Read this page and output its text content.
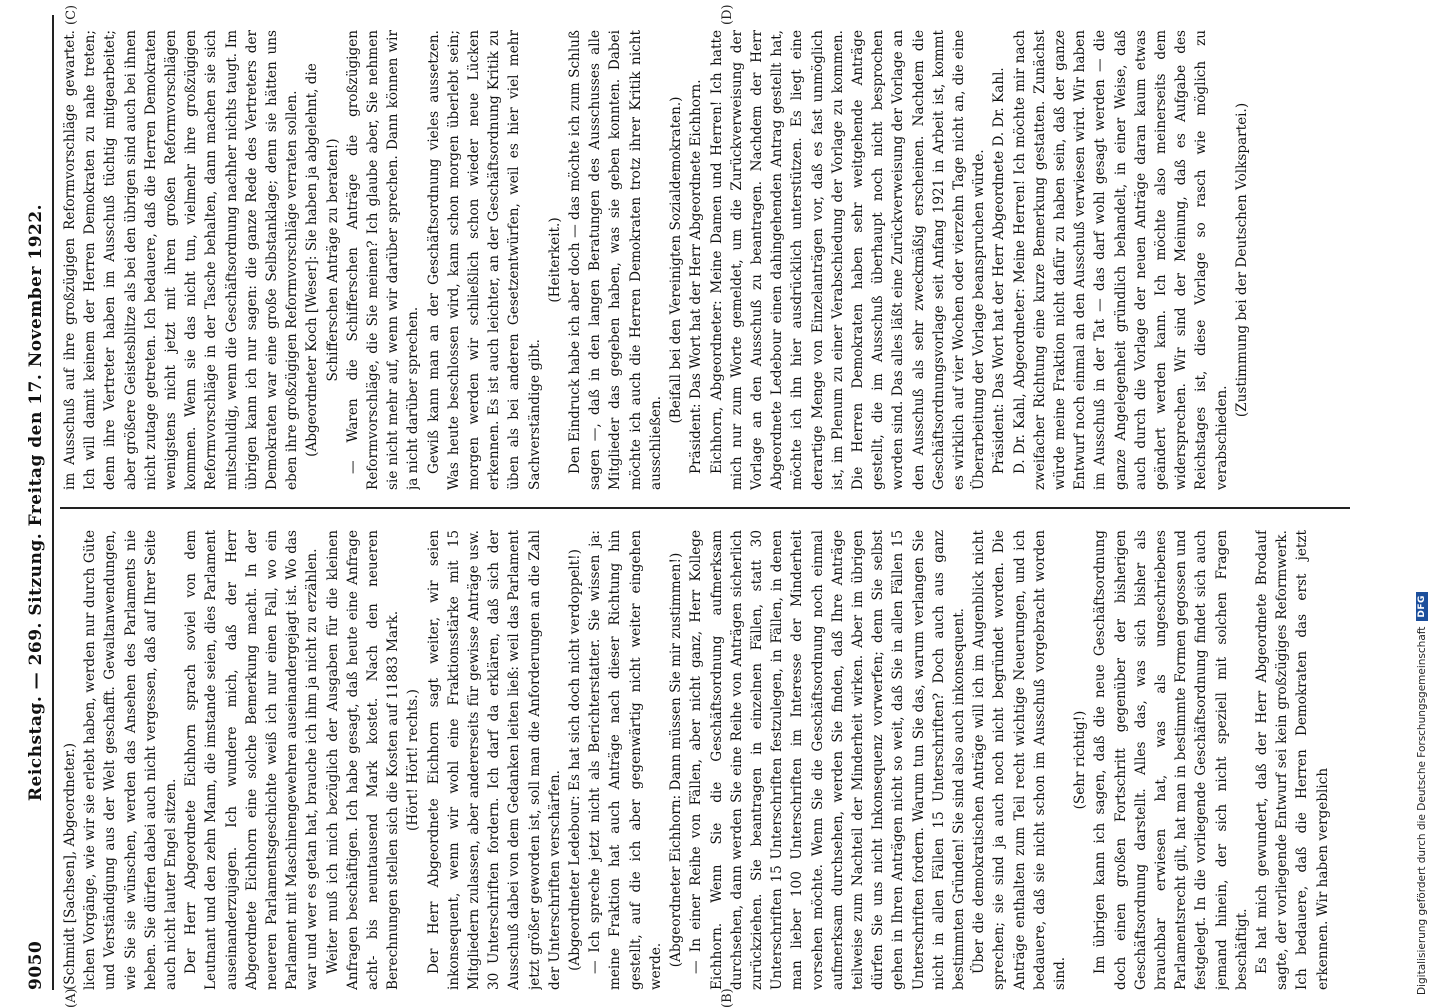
9050
Reichstag. — 269. Sitzung. Freitag den 17. November 1922.

(Schmidt [Sachsen], Abgeordneter.) lichen Vorgänge, wie wir sie erlebt haben, werden nur durch Güte und Verständigung aus der Welt geschafft. Gewaltanwendungen, wie Sie sie wünschen, werden das Ansehen des Parlaments nie heben. Sie dürfen dabei auch nicht vergessen, daß auf Ihrer Seite auch nicht lauter Engel sitzen. Der Herr Abgeordnete Eichhorn sprach soviel von dem Leutnant und den zehn Mann, die imstande seien, dies Parlament auseinanderzujagen. Ich wundere mich, daß der Herr Abgeordnete Eichhorn eine solche Bemerkung macht. In der neueren Parlamentsgeschichte weiß ich nur einen Fall, wo ein Parlament mit Maschinengewehren auseinandergejagt ist. Wo das war und wer es getan hat, brauche ich ihm ja nicht zu erzählen. Weiter muß ich mich bezüglich der Ausgaben für die kleinen Anfragen beschäftigen. Ich habe gesagt, daß heute eine Anfrage acht- bis neuntausend Mark kostet. Nach den neueren Berechnungen stellen sich die Kosten auf 11883 Mark. (Hört! Hört! rechts.) Der Herr Abgeordnete Eichhorn sagt weiter, wir seien inkonsequent, wenn wir wohl eine Fraktionsstärke mit 15 Mitgliedern zulassen, aber andererseits für gewisse Anträge usw. 30 Unterschriften fordern. Ich darf da erklären, daß sich der Ausschuß dabei von dem Gedanken leiten ließ: weil das Parlament jetzt größer geworden ist, soll man die Anforderungen an die Zahl der Unterschriften verschärfen. (Abgeordneter Ledebour: Es hat sich doch nicht verdoppelt!) — Ich spreche jetzt nicht als Berichterstatter. Sie wissen ja: meine Fraktion hat auch Anträge nach dieser Richtung hin gestellt, auf die ich aber gegenwärtig nicht weiter eingehen werde. (Abgeordneter Eichhorn: Dann müssen Sie mir zustimmen!) — In einer Reihe von Fällen, aber nicht ganz, Herr Kollege Eichhorn. Wenn Sie die Geschäftsordnung aufmerksam durchsehen, dann werden Sie eine Reihe von Anträgen sicherlich zurückziehen. Sie beantragen in einzelnen Fällen, statt 30 Unterschriften 15 Unterschriften festzulegen, in Fällen, in denen man lieber 100 Unterschriften im Interesse der Minderheit vorsehen möchte. Wenn Sie die Geschäftsordnung noch einmal aufmerksam durchsehen, werden Sie finden, daß Ihre Anträge teilweise zum Nachteil der Minderheit wirken. Aber im übrigen dürfen Sie uns nicht Inkonsequenz vorwerfen; denn Sie selbst gehen in Ihren Anträgen nicht so weit, daß Sie in allen Fällen 15 Unterschriften fordern. Warum tun Sie das, warum verlangen Sie nicht in allen Fällen 15 Unterschriften? Doch auch aus ganz bestimmten Gründen! Sie sind also auch inkonsequent. Über die demokratischen Anträge will ich im Augenblick nicht sprechen; sie sind ja auch noch nicht begründet worden. Die Anträge enthalten zum Teil recht wichtige Neuerungen, und ich bedauere, daß sie nicht schon im Ausschuß vorgebracht worden sind.

(Sehr richtig!) Im übrigen kann ich sagen, daß die neue Geschäftsordnung doch einen großen Fortschritt gegenüber der bisherigen Geschäftsordnung darstellt. Alles das, was sich bisher als brauchbar erwiesen hat, was als ungeschriebenes Parlamentsrecht gilt, hat man in bestimmte Formen gegossen und festgelegt. In die vorliegende Geschäftsordnung findet sich auch jemand hinein, der sich nicht speziell mit solchen Fragen beschäftigt. Es hat mich gewundert, daß der Herr Abgeordnete Brodauf sagte, der vorliegende Entwurf sei kein großzügiges Reformwerk. Ich bedauere, daß die Herren Demokraten das erst jetzt erkennen. Wir haben vergeblich

im Ausschuß auf ihre großzügigen Reformvorschläge gewartet. Ich will damit keinem der Herren Demokraten zu nahe treten; denn ihre Vertreter haben im Ausschuß tüchtig mitgearbeitet; aber größere Geistesblitze als bei den übrigen sind auch bei ihnen nicht zutage getreten. Ich bedauere, daß die Herren Demokraten wenigstens nicht jetzt mit ihren großen Reformvorschlägen kommen. Wenn sie das nicht tun, vielmehr ihre großzügigen Reformvorschläge in der Tasche behalten, dann machen sie sich mitschuldig, wenn die Geschäftsordnung nachher nichts taugt. Im übrigen kann ich nur sagen: die ganze Rede des Vertreters der Demokraten war eine große Selbstanklage; denn sie hätten uns eben ihre großzügigen Reformvorschläge verraten sollen. (Abgeordneter Koch [Weser]: Sie haben ja abgelehnt, die Schifferschen Anträge zu beraten!) — Waren die Schifferschen Anträge die großzügigen Reformvorschläge, die Sie meinen? Ich glaube aber, Sie nehmen sie nicht mehr auf, wenn wir darüber sprechen. Dann können wir ja nicht darüber sprechen. Gewiß kann man an der Geschäftsordnung vieles aussetzen. Was heute beschlossen wird, kann schon morgen überlebt sein; morgen werden wir schließlich schon wieder neue Lücken erkennen. Es ist auch leichter, an der Geschäftsordnung Kritik zu üben als bei anderen Gesetzentwürfen, weil es hier viel mehr Sachverständige gibt.

(Heiterkeit.) Den Eindruck habe ich aber doch — das möchte ich zum Schluß sagen —, daß in den langen Beratungen des Ausschusses alle Mitglieder das gegeben haben, was sie geben konnten. Dabei möchte ich auch die Herren Demokraten trotz ihrer Kritik nicht ausschließen.

(Beifall bei den Vereinigten Sozialdemokraten.) Präsident: Das Wort hat der Herr Abgeordnete Eichhorn. Eichhorn, Abgeordneter: Meine Damen und Herren! Ich hatte mich nur zum Worte gemeldet, um die Zurückverweisung der Vorlage an den Ausschuß zu beantragen. Nachdem der Herr Abgeordnete Ledebour einen dahingehenden Antrag gestellt hat, möchte ich ihn hier ausdrücklich unterstützen. Es liegt eine derartige Menge von Einzelanträgen vor, daß es fast unmöglich ist, im Plenum zu einer Verabschiedung der Vorlage zu kommen. Die Herren Demokraten haben sehr weitgehende Anträge gestellt, die im Ausschuß überhaupt noch nicht besprochen worden sind. Das alles läßt eine Zurückverweisung der Vorlage an den Ausschuß als sehr zweckmäßig erscheinen. Nachdem die Geschäftsordnungsvorlage seit Anfang 1921 in Arbeit ist, kommt es wirklich auf vier Wochen oder vierzehn Tage nicht an, die eine Überarbeitung der Vorlage beanspruchen würde. Präsident: Das Wort hat der Herr Abgeordnete D. Dr. Kahl. D. Dr. Kahl, Abgeordneter: Meine Herren! Ich möchte mir nach zweifacher Richtung eine kurze Bemerkung gestatten. Zunächst würde meine Fraktion nicht dafür zu haben sein, daß der ganze Entwurf noch einmal an den Ausschuß verwiesen wird. Wir haben im Ausschuß in der Tat — das darf wohl gesagt werden — die ganze Angelegenheit gründlich behandelt, in einer Weise, daß auch durch die Vorlage der neuen Anträge daran kaum etwas geändert werden kann. Ich möchte also meinerseits dem widersprechen. Wir sind der Meinung, daß es Aufgabe des Reichstages ist, diese Vorlage so rasch wie möglich zu verabschieden.

(Zustimmung bei der Deutschen Volkspartei.)

(A)	(B)
(C)	(D)
Digitalisierung gefördert durch die Deutsche Forschungsgemeinschaft
DFG
